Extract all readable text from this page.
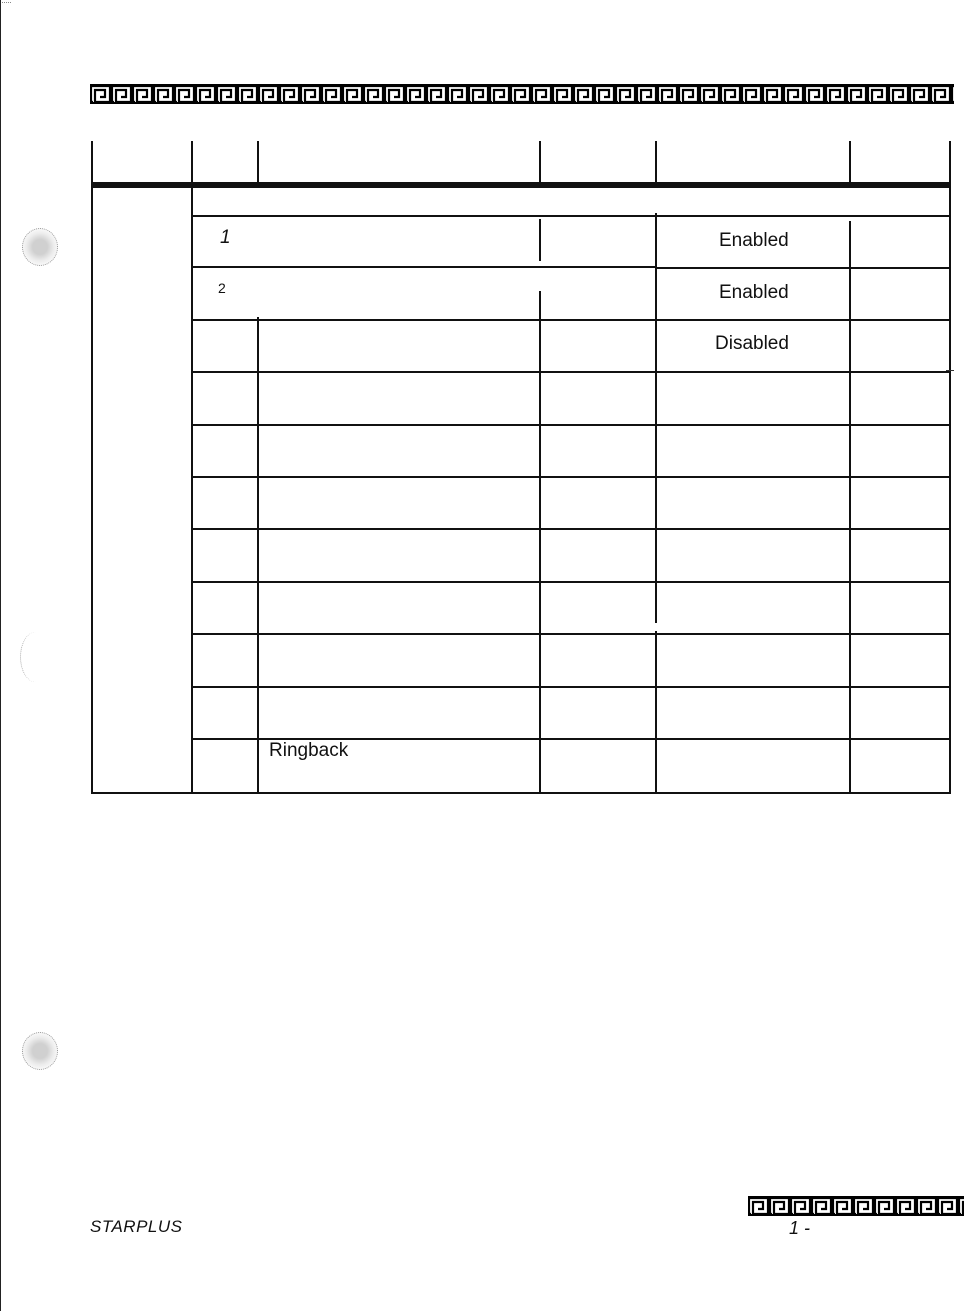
1	Enabled
2	Enabled
Disabled
Ringback
STARPLUS	1 -
